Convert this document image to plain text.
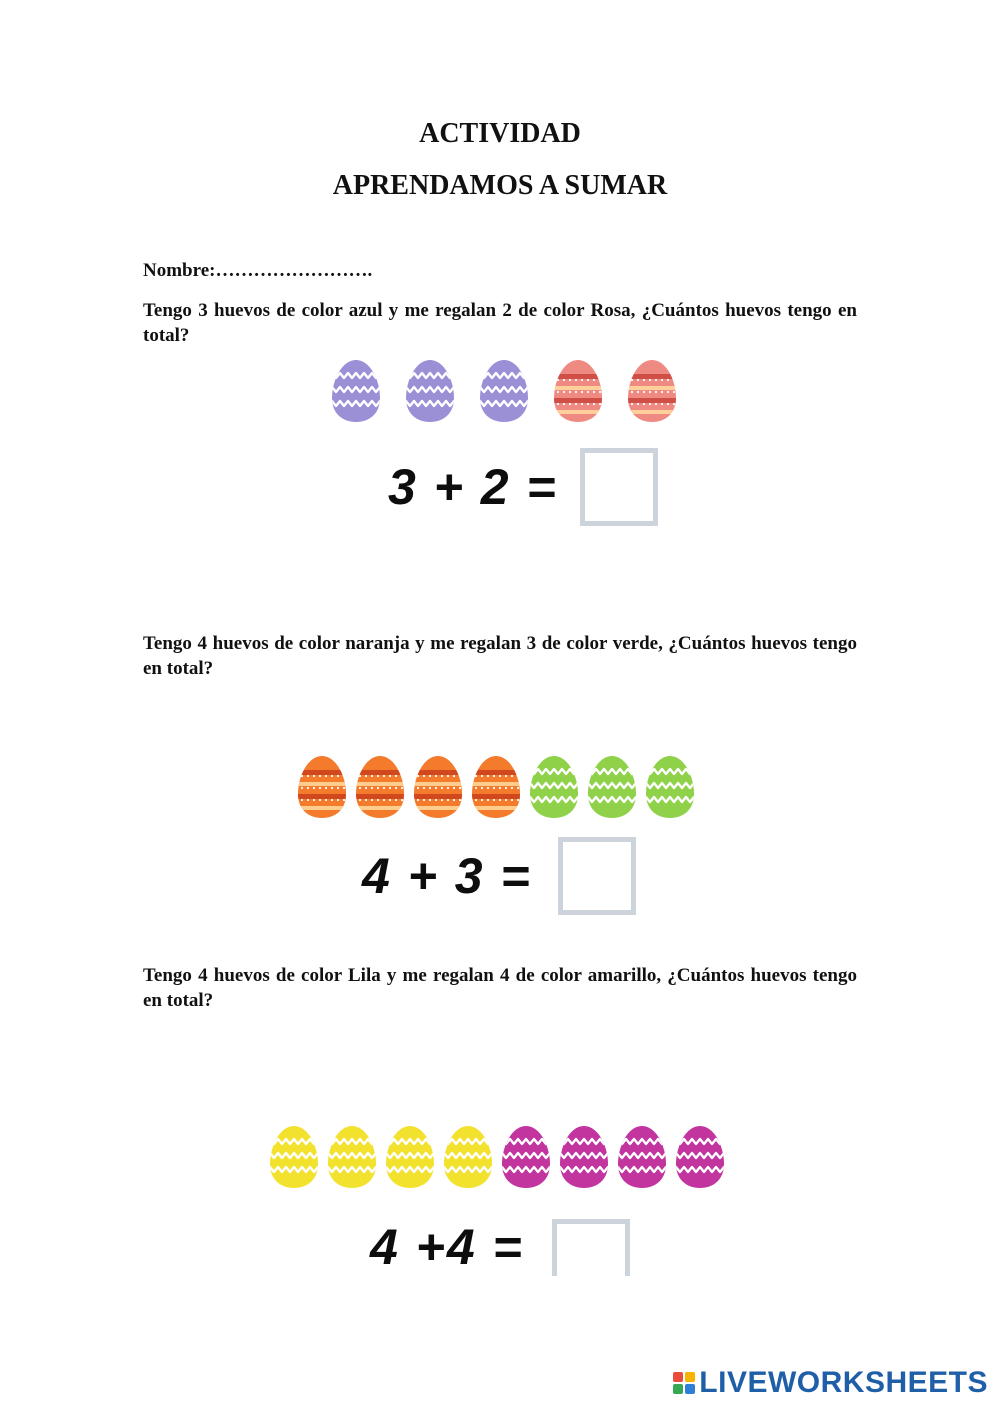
ACTIVIDAD
APRENDAMOS A SUMAR
Nombre:…………………….
Tengo 3 huevos de color azul y me regalan 2 de color Rosa, ¿Cuántos huevos tengo en total?
3 + 2 =
Tengo 4 huevos de color naranja y me regalan 3 de color verde, ¿Cuántos huevos tengo en total?
4 + 3 =
Tengo 4 huevos de color Lila y me regalan 4 de color amarillo, ¿Cuántos huevos tengo en total?
4 +4 =
LIVEWORKSHEETS
